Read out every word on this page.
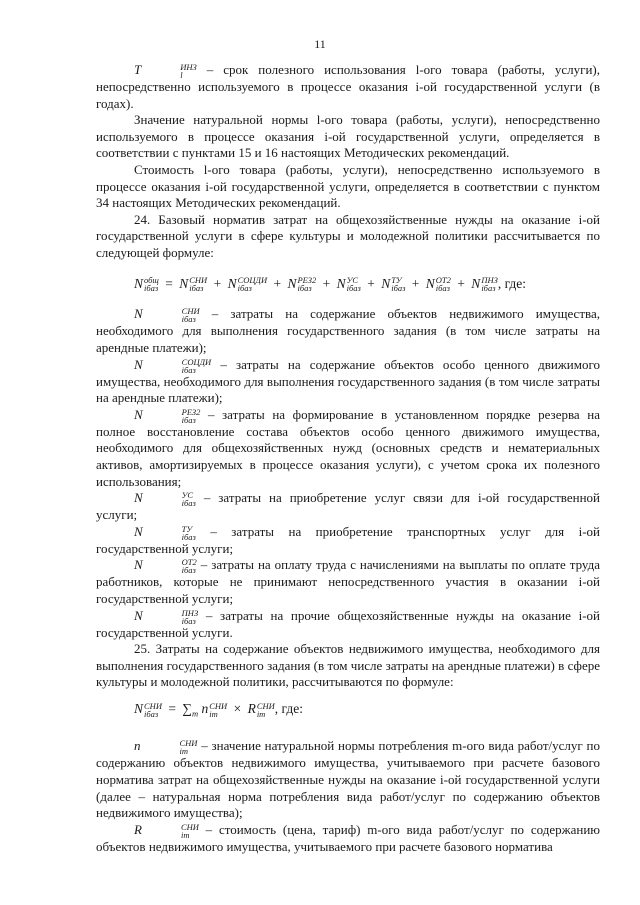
11

T	ИНЗ
l	– срок полезного использования l-ого товара (работы, услуги), непосредственно используемого в процессе оказания i-ой государственной услуги (в годах).

Значение натуральной нормы l-ого товара (работы, услуги), непосредственно используемого в процессе оказания i-ой государственной услуги, определяется в соответствии с пунктами 15 и 16 настоящих Методических рекомендаций.

Стоимость l-ого товара (работы, услуги), непосредственно используемого в процессе оказания i-ой государственной услуги, определяется в соответствии с пунктом 34 настоящих Методических рекомендаций.

24. Базовый норматив затрат на общехозяйственные нужды на оказание i-ой государственной услуги в сфере культуры и молодежной политики рассчитывается по следующей формуле:

N общ
iбаз = N СНИ
iбаз + N СОЦДИ
iбаз	+ N РЕЗ2
iбаз + N УС
iбаз + N ТУ
iбаз + N ОТ2
iбаз + N ПНЗ
iбаз , где:

N	СНИ
iбаз – затраты на содержание объектов недвижимого имущества, необходимого для выполнения государственного задания (в том числе затраты на арендные платежи);

N	СОЦДИ
iбаз	– затраты на содержание объектов особо ценного движимого имущества, необходимого для выполнения государственного задания (в том числе затраты на арендные платежи);

N	РЕЗ2
iбаз – затраты на формирование в установленном порядке резерва на полное восстановление состава объектов особо ценного движимого имущества, необходимого для общехозяйственных нужд (основных средств и нематериальных активов, амортизируемых в процессе оказания услуги), с учетом срока их полезного использования;

N	УС
iбаз – затраты на приобретение услуг связи для i-ой государственной услуги;

N	ТУ
iбаз – затраты на приобретение транспортных услуг для i-ой государственной услуги;

N	ОТ2
iбаз – затраты на оплату труда с начислениями на выплаты по оплате труда работников, которые не принимают непосредственного участия в оказании i-ой государственной услуги;

N	ПНЗ
iбаз – затраты на прочие общехозяйственные нужды на оказание i-ой государственной услуги.

25. Затраты на содержание объектов недвижимого имущества, необходимого для выполнения государственного задания (в том числе затраты на арендные платежи) в сфере культуры и молодежной политики, рассчитываются по формуле:

N СНИ
iбаз = $\sum_m$ n СНИ
im	× R СНИ
im , где:

n	СНИ
im – значение натуральной нормы потребления m-ого вида работ/услуг по содержанию объектов недвижимого имущества, учитываемого при расчете базового норматива затрат на общехозяйственные нужды на оказание i-ой государственной услуги (далее – натуральная норма потребления вида работ/услуг по содержанию объектов недвижимого имущества);

R	СНИ
im – стоимость (цена, тариф) m-ого вида работ/услуг по содержанию объектов недвижимого имущества, учитываемого при расчете базового норматива
